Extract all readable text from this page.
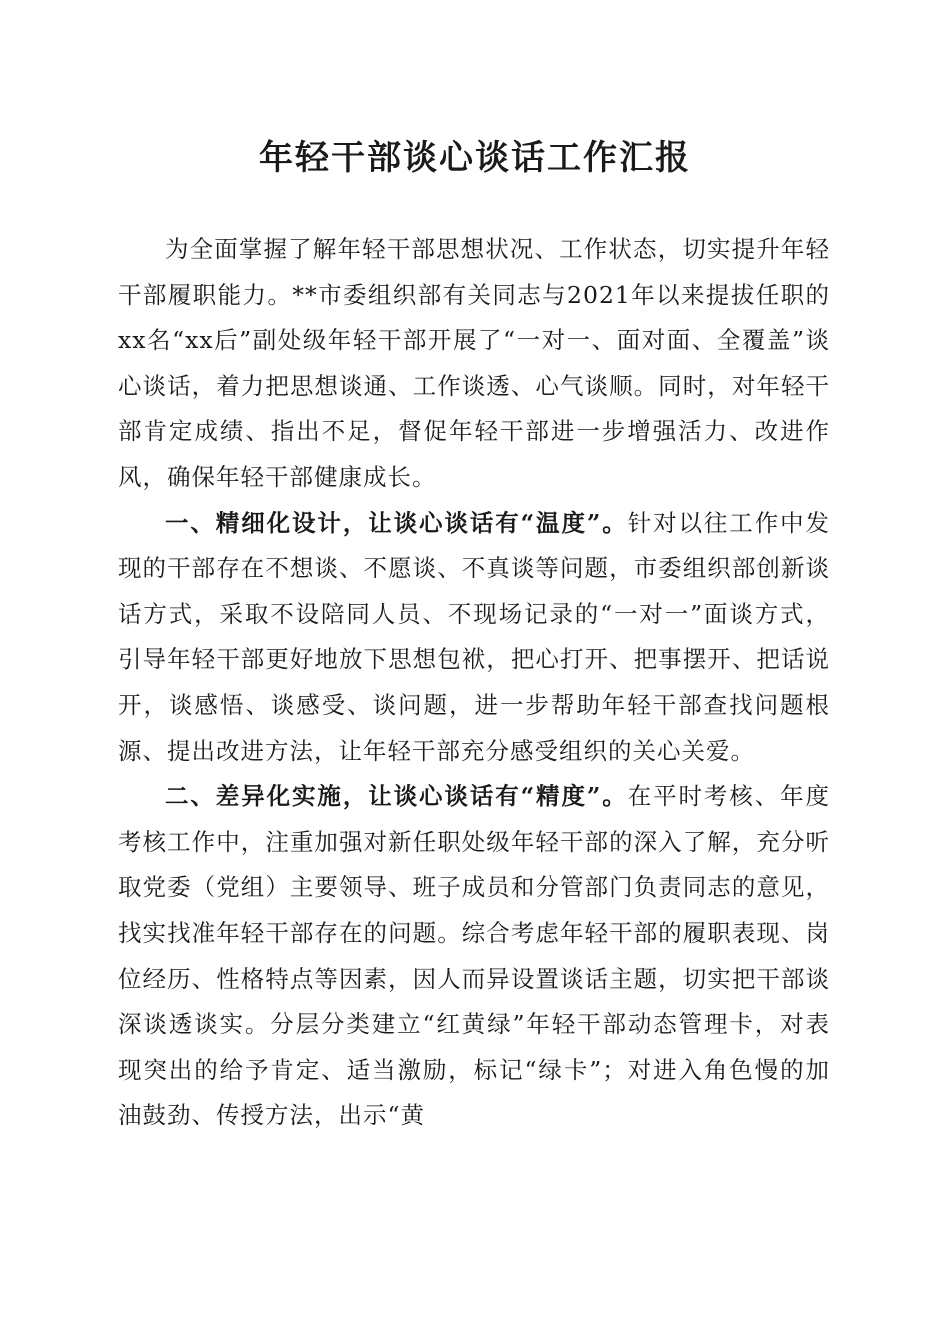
年轻干部谈心谈话工作汇报

为全面掌握了解年轻干部思想状况、工作状态，切实提升年轻干部履职能力。**市委组织部有关同志与2021年以来提拔任职的xx名“xx后”副处级年轻干部开展了“一对一、面对面、全覆盖”谈心谈话，着力把思想谈通、工作谈透、心气谈顺。同时，对年轻干部肯定成绩、指出不足，督促年轻干部进一步增强活力、改进作风，确保年轻干部健康成长。

一、精细化设计，让谈心谈话有“温度”。针对以往工作中发现的干部存在不想谈、不愿谈、不真谈等问题，市委组织部创新谈话方式，采取不设陪同人员、不现场记录的“一对一”面谈方式，引导年轻干部更好地放下思想包袱，把心打开、把事摆开、把话说开，谈感悟、谈感受、谈问题，进一步帮助年轻干部查找问题根源、提出改进方法，让年轻干部充分感受组织的关心关爱。

二、差异化实施，让谈心谈话有“精度”。在平时考核、年度考核工作中，注重加强对新任职处级年轻干部的深入了解，充分听取党委（党组）主要领导、班子成员和分管部门负责同志的意见，找实找准年轻干部存在的问题。综合考虑年轻干部的履职表现、岗位经历、性格特点等因素，因人而异设置谈话主题，切实把干部谈深谈透谈实。分层分类建立“红黄绿”年轻干部动态管理卡，对表现突出的给予肯定、适当激励，标记“绿卡”；对进入角色慢的加油鼓劲、传授方法，出示“黄
